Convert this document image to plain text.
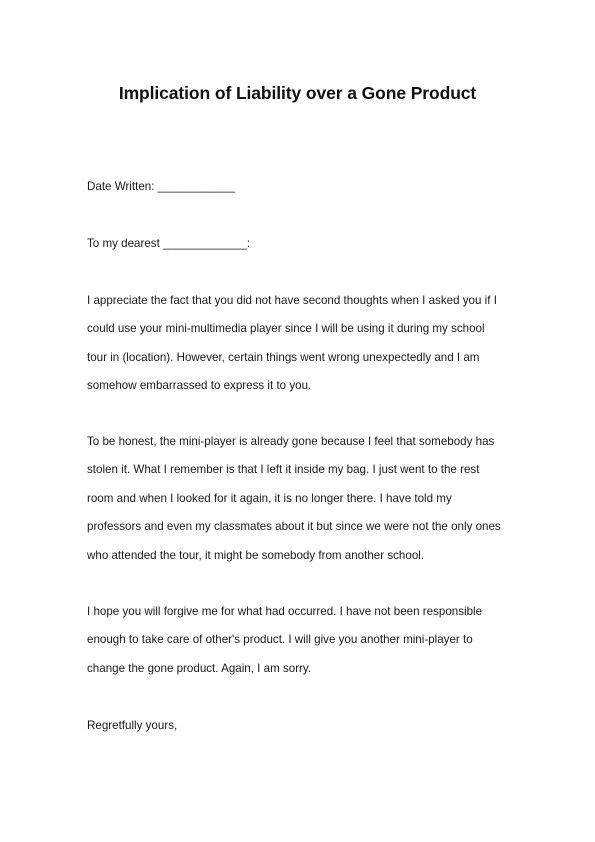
Implication of Liability over a Gone Product
Date Written: ____________
To my dearest _____________:
I appreciate the fact that you did not have second thoughts when I asked you if I
could use your mini-multimedia player since I will be using it during my school
tour in (location). However, certain things went wrong unexpectedly and I am
somehow embarrassed to express it to you.
To be honest, the mini-player is already gone because I feel that somebody has
stolen it. What I remember is that I left it inside my bag. I just went to the rest
room and when I looked for it again, it is no longer there. I have told my
professors and even my classmates about it but since we were not the only ones
who attended the tour, it might be somebody from another school.
I hope you will forgive me for what had occurred. I have not been responsible
enough to take care of other's product. I will give you another mini-player to
change the gone product. Again, I am sorry.
Regretfully yours,
